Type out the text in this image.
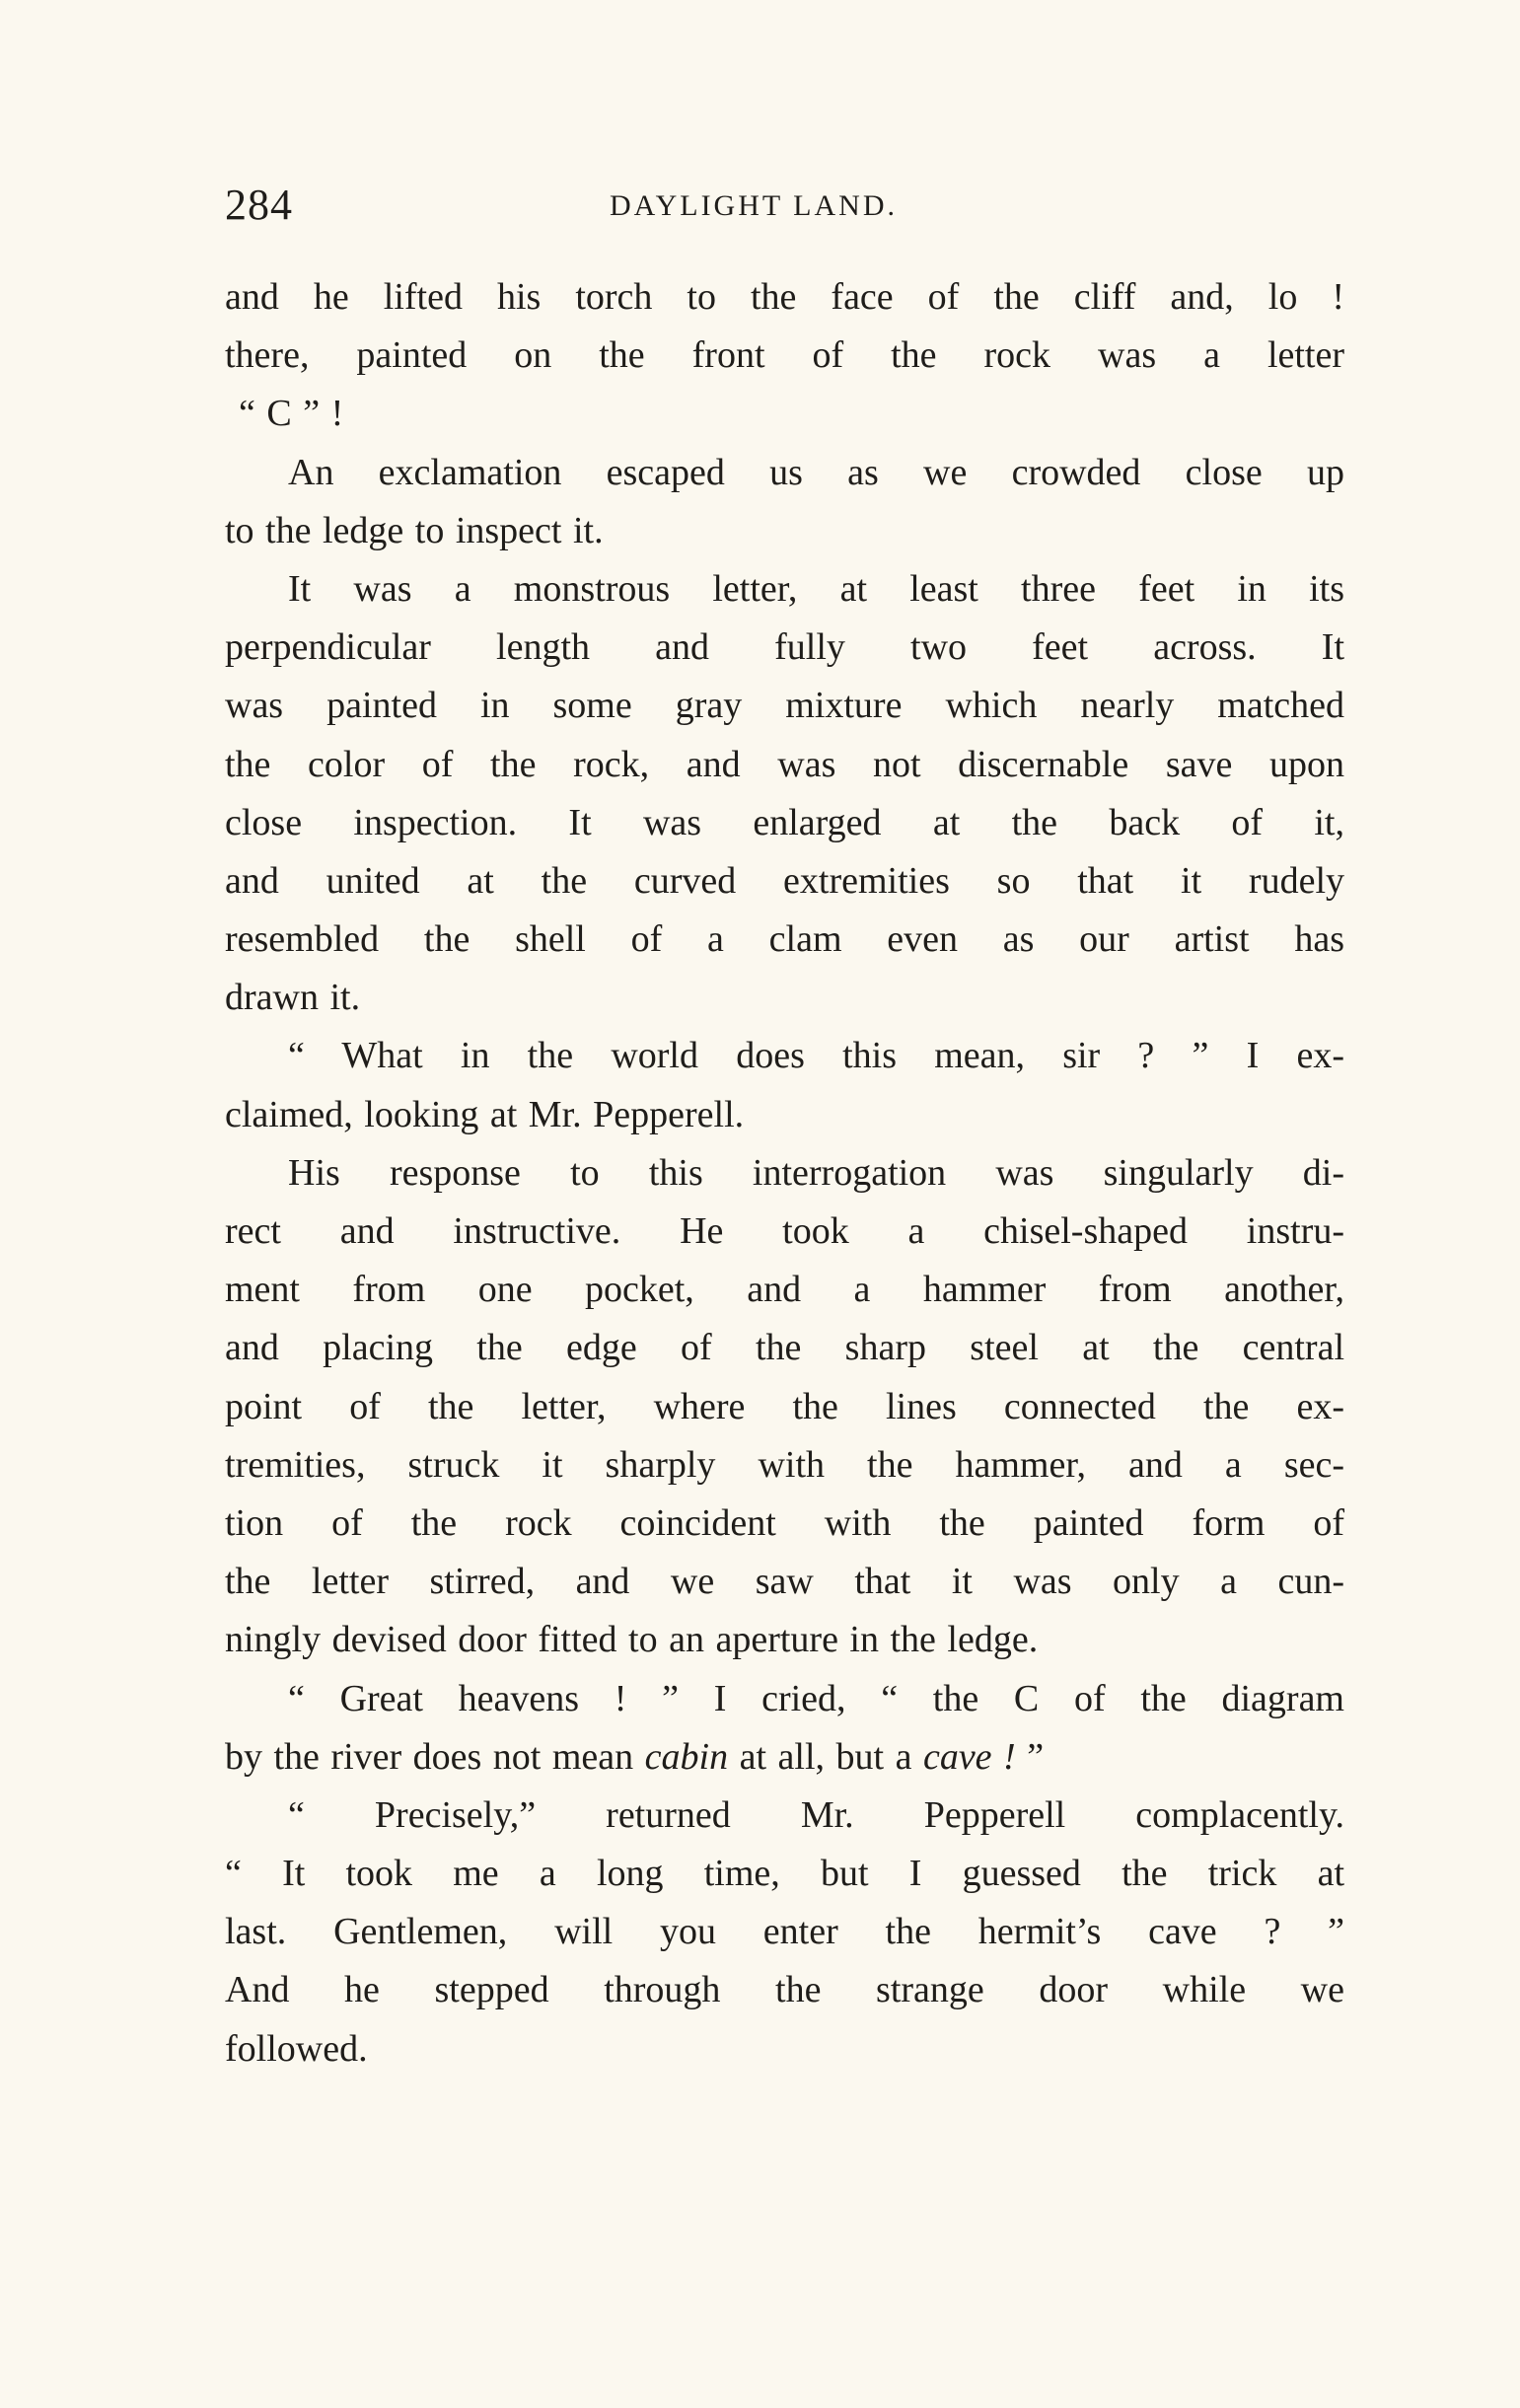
284	DAYLIGHT LAND.
and he lifted his torch to the face of the cliff and, lo !
there, painted on the front of the rock was a letter
“ C ” !
An exclamation escaped us as we crowded close up
to the ledge to inspect it.
It was a monstrous letter, at least three feet in its
perpendicular length and fully two feet across. It
was painted in some gray mixture which nearly matched
the color of the rock, and was not discernable save upon
close inspection. It was enlarged at the back of it,
and united at the curved extremities so that it rudely
resembled the shell of a clam even as our artist has
drawn it.
“ What in the world does this mean, sir ? ” I ex-
claimed, looking at Mr. Pepperell.
His response to this interrogation was singularly di-
rect and instructive. He took a chisel-shaped instru-
ment from one pocket, and a hammer from another,
and placing the edge of the sharp steel at the central
point of the letter, where the lines connected the ex-
tremities, struck it sharply with the hammer, and a sec-
tion of the rock coincident with the painted form of
the letter stirred, and we saw that it was only a cun-
ningly devised door fitted to an aperture in the ledge.
“ Great heavens ! ” I cried, “ the C of the diagram
by the river does not mean cabin at all, but a cave ! ”
“ Precisely,” returned Mr. Pepperell complacently.
“ It took me a long time, but I guessed the trick at
last. Gentlemen, will you enter the hermit’s cave ? ”
And he stepped through the strange door while we
followed.
